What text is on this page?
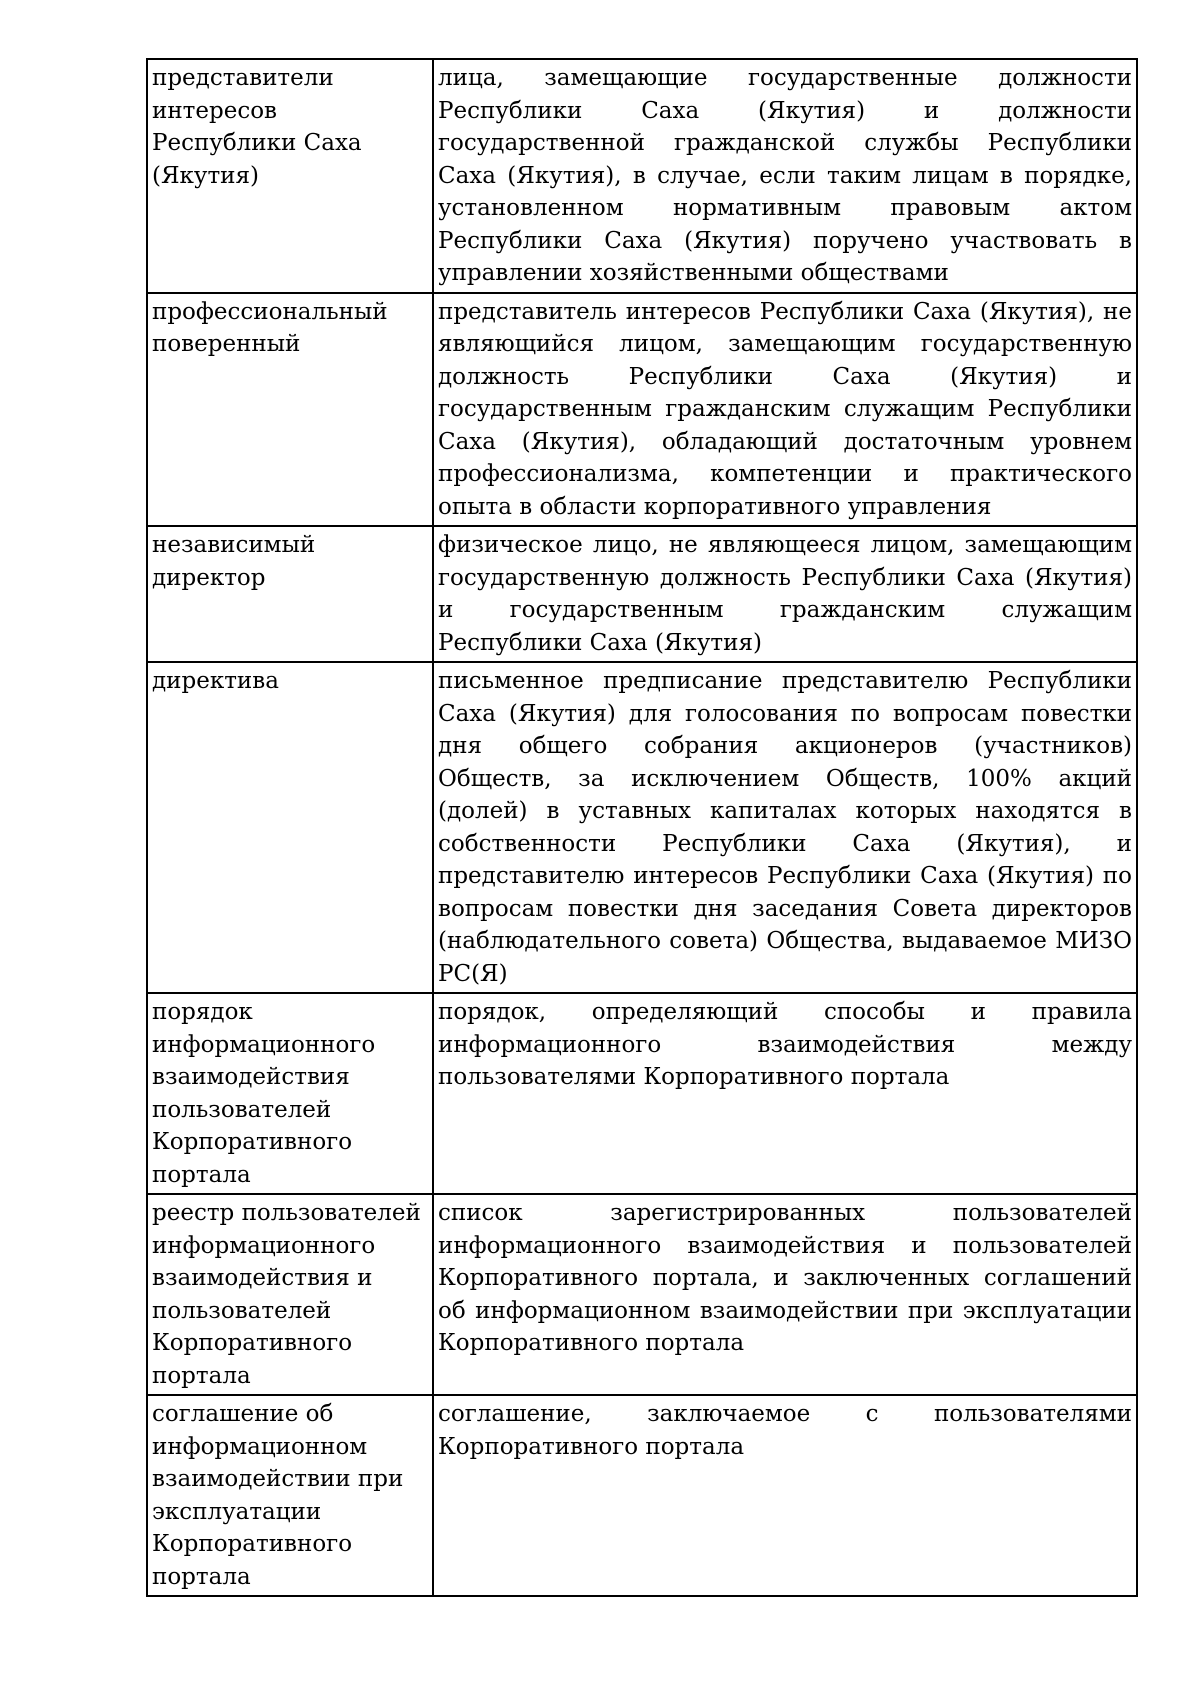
представители интересов Республики Саха (Якутия)	лица, замещающие государственные должности Республики Саха (Якутия) и должности государственной гражданской службы Республики Саха (Якутия), в случае, если таким лицам в порядке, установленном нормативным правовым актом Республики Саха (Якутия) поручено участвовать в управлении хозяйственными обществами
профессиональный поверенный	представитель интересов Республики Саха (Якутия), не являющийся лицом, замещающим государственную должность Республики Саха (Якутия) и государственным гражданским служащим Республики Саха (Якутия), обладающий достаточным уровнем профессионализма, компетенции и практического опыта в области корпоративного управления
независимый директор	физическое лицо, не являющееся лицом, замещающим государственную должность Республики Саха (Якутия) и государственным гражданским служащим Республики Саха (Якутия)
директива	письменное предписание представителю Республики Саха (Якутия) для голосования по вопросам повестки дня общего собрания акционеров (участников) Обществ, за исключением Обществ, 100% акций (долей) в уставных капиталах которых находятся в собственности Республики Саха (Якутия), и представителю интересов Республики Саха (Якутия) по вопросам повестки дня заседания Совета директоров (наблюдательного совета) Общества, выдаваемое МИЗО РС(Я)
порядок информационного взаимодействия пользователей Корпоративного портала	порядок, определяющий способы и правила информационного взаимодействия между пользователями Корпоративного портала
реестр пользователей информационного взаимодействия и пользователей Корпоративного портала	список зарегистрированных пользователей информационного взаимодействия и пользователей Корпоративного портала, и заключенных соглашений об информационном взаимодействии при эксплуатации Корпоративного портала
соглашение об информационном взаимодействии при эксплуатации Корпоративного портала	соглашение, заключаемое с пользователями Корпоративного портала
